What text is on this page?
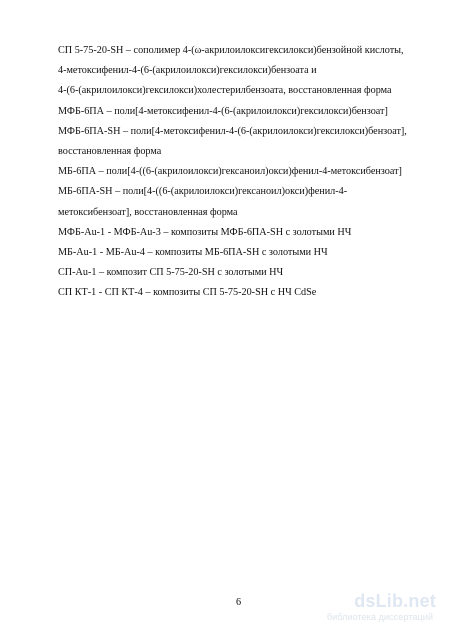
СП 5-75-20-SH – сополимер 4-(ω-акрилоилоксигексилокси)бензойной кислоты,
4-метоксифенил-4-(6-(акрилоилокси)гексилокси)бензоата и
4-(6-(акрилоилокси)гексилокси)холестерилбензоата, восстановленная форма
МФБ-6ПА – поли[4-метоксифенил-4-(6-(акрилоилокси)гексилокси)бензоат]
МФБ-6ПА-SH – поли[4-метоксифенил-4-(6-(акрилоилокси)гексилокси)бензоат],
восстановленная форма
МБ-6ПА – поли[4-((6-(акрилоилокси)гексаноил)окси)фенил-4-метоксибензоат]
МБ-6ПА-SH – поли[4-((6-(акрилоилокси)гексаноил)окси)фенил-4-
метоксибензоат], восстановленная форма
МФБ-Au-1 - МФБ-Au-3 – композиты МФБ-6ПА-SH с золотыми НЧ
МБ-Au-1 - МБ-Au-4 – композиты МБ-6ПА-SH с золотыми НЧ
СП-Au-1 – композит СП 5-75-20-SH с золотыми НЧ
СП КТ-1 - СП КТ-4 – композиты СП 5-75-20-SH с НЧ CdSe
6	dsLib.net
библиотека диссертаций
